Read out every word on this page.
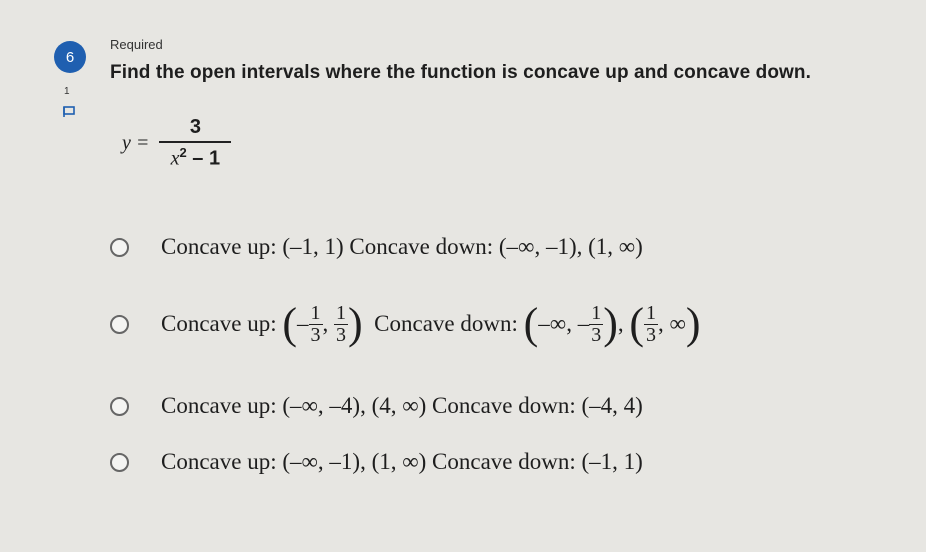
6
1
Required
Find the open intervals where the function is concave up and concave down.
$y = \frac{3}{x^2 - 1}$
Concave up: (–1, 1) Concave down: (–∞, –1), (1, ∞)
Concave up: (– $\frac{1}{3}$ , $\frac{1}{3}$ ) Concave down: (–∞, – $\frac{1}{3}$ ), ( $\frac{1}{3}$ , ∞)
Concave up: (–∞, –4), (4, ∞) Concave down: (–4, 4)
Concave up: (–∞, –1), (1, ∞) Concave down: (–1, 1)
